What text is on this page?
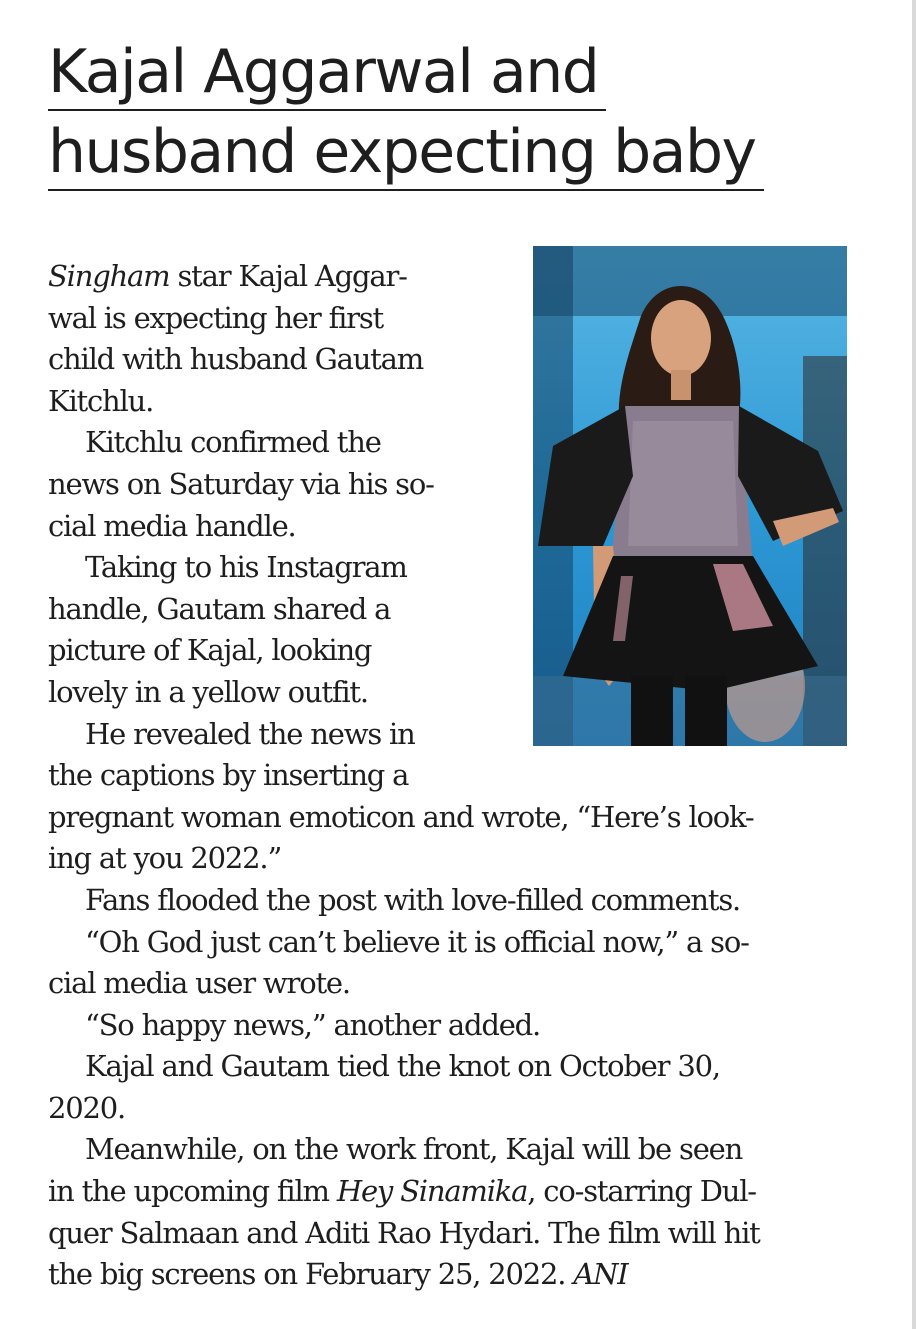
Kajal Aggarwal and
husband expecting baby
Singham star Kajal Aggar-
wal is expecting her first
child with husband Gautam
Kitchlu.
Kitchlu confirmed the
news on Saturday via his so-
cial media handle.
Taking to his Instagram
handle, Gautam shared a
picture of Kajal, looking
lovely in a yellow outfit.
He revealed the news in
the captions by inserting a
pregnant woman emoticon and wrote, “Here’s look-
ing at you 2022.”
Fans flooded the post with love-filled comments.
“Oh God just can’t believe it is official now,” a so-
cial media user wrote.
“So happy news,” another added.
Kajal and Gautam tied the knot on October 30,
2020.
Meanwhile, on the work front, Kajal will be seen
in the upcoming film Hey Sinamika, co-starring Dul-
quer Salmaan and Aditi Rao Hydari. The film will hit
the big screens on February 25, 2022. ANI
